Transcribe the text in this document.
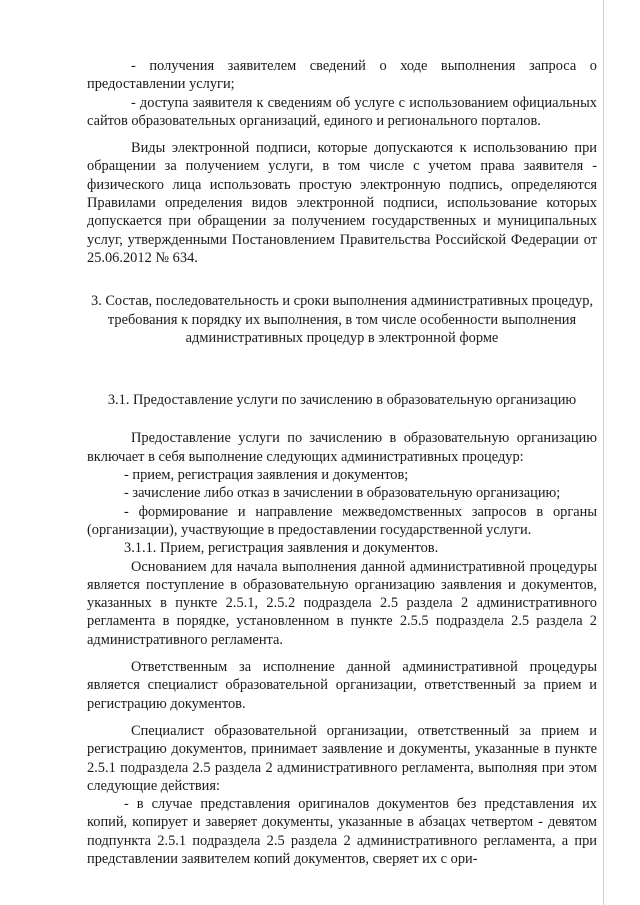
- получения заявителем сведений о ходе выполнения запроса о предоставлении услуги;

- доступа заявителя к сведениям об услуге с использованием официальных сайтов образовательных организаций, единого и регионального порталов.

Виды электронной подписи, которые допускаются к использованию при обращении за получением услуги, в том числе с учетом права заявителя - физического лица использовать простую электронную подпись, определяются Правилами определения видов электронной подписи, использование которых допускается при обращении за получением государственных и муниципальных услуг, утвержденными Постановлением Правительства Российской Федерации от 25.06.2012 № 634.

3. Состав, последовательность и сроки выполнения административных процедур, требования к порядку их выполнения, в том числе особенности выполнения административных процедур в электронной форме

3.1. Предоставление услуги по зачислению в образовательную организацию

Предоставление услуги по зачислению в образовательную организацию включает в себя выполнение следующих административных процедур:

- прием, регистрация заявления и документов;

- зачисление либо отказ в зачислении в образовательную организацию;

- формирование и направление межведомственных запросов в органы (организации), участвующие в предоставлении государственной услуги.

3.1.1. Прием, регистрация заявления и документов.

Основанием для начала выполнения данной административной процедуры является поступление в образовательную организацию заявления и документов, указанных в пункте 2.5.1, 2.5.2 подраздела 2.5 раздела 2 административного регламента в порядке, установленном в пункте 2.5.5 подраздела 2.5 раздела 2 административного регламента.

Ответственным за исполнение данной административной процедуры является специалист образовательной организации, ответственный за прием и регистрацию документов.

Специалист образовательной организации, ответственный за прием и регистрацию документов, принимает заявление и документы, указанные в пункте 2.5.1 подраздела 2.5 раздела 2 административного регламента, выполняя при этом следующие действия:

- в случае представления оригиналов документов без представления их копий, копирует и заверяет документы, указанные в абзацах четвертом - девятом подпункта 2.5.1 подраздела 2.5 раздела 2 административного регламента, а при представлении заявителем копий документов, сверяет их с ори-
